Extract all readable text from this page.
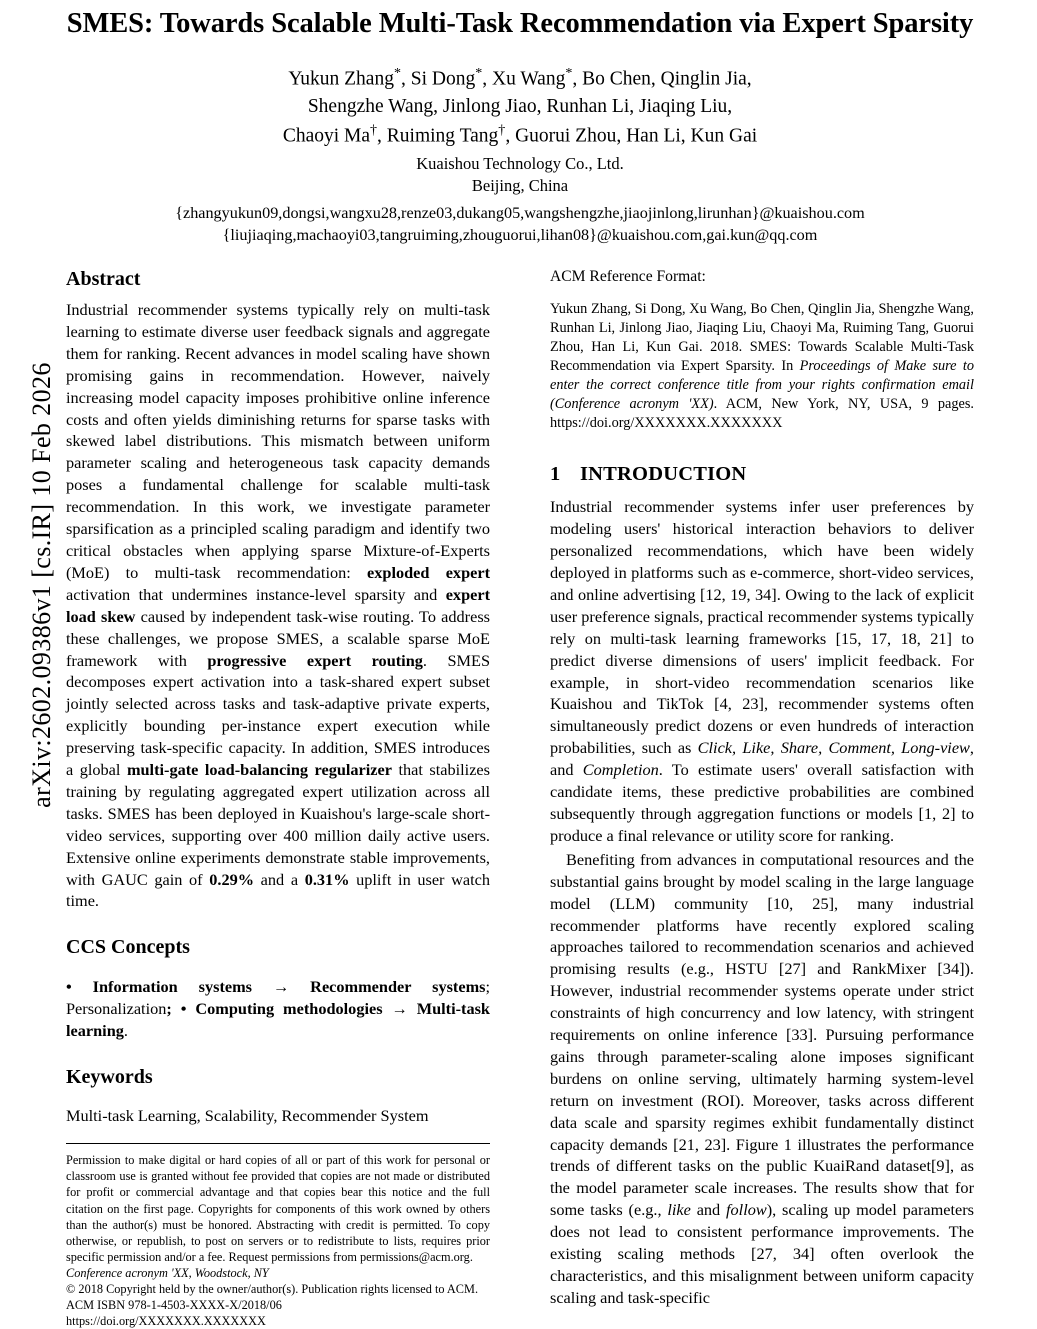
arXiv:2602.09386v1 [cs.IR] 10 Feb 2026
SMES: Towards Scalable Multi-Task Recommendation via Expert Sparsity
Yukun Zhang*, Si Dong*, Xu Wang*, Bo Chen, Qinglin Jia,
Shengzhe Wang, Jinlong Jiao, Runhan Li, Jiaqing Liu,
Chaoyi Ma†, Ruiming Tang†, Guorui Zhou, Han Li, Kun Gai
Kuaishou Technology Co., Ltd.
Beijing, China
{zhangyukun09,dongsi,wangxu28,renze03,dukang05,wangshengzhe,jiaojinlong,lirunhan}@kuaishou.com
{liujiaqing,machaoyi03,tangruiming,zhouguorui,lihan08}@kuaishou.com,gai.kun@qq.com
Abstract

Industrial recommender systems typically rely on multi-task learning to estimate diverse user feedback signals and aggregate them for ranking. Recent advances in model scaling have shown promising gains in recommendation. However, naively increasing model capacity imposes prohibitive online inference costs and often yields diminishing returns for sparse tasks with skewed label distributions. This mismatch between uniform parameter scaling and heterogeneous task capacity demands poses a fundamental challenge for scalable multi-task recommendation. In this work, we investigate parameter sparsification as a principled scaling paradigm and identify two critical obstacles when applying sparse Mixture-of-Experts (MoE) to multi-task recommendation: exploded expert activation that undermines instance-level sparsity and expert load skew caused by independent task-wise routing. To address these challenges, we propose SMES, a scalable sparse MoE framework with progressive expert routing. SMES decomposes expert activation into a task-shared expert subset jointly selected across tasks and task-adaptive private experts, explicitly bounding per-instance expert execution while preserving task-specific capacity. In addition, SMES introduces a global multi-gate load-balancing regularizer that stabilizes training by regulating aggregated expert utilization across all tasks. SMES has been deployed in Kuaishou's large-scale short-video services, supporting over 400 million daily active users. Extensive online experiments demonstrate stable improvements, with GAUC gain of 0.29% and a 0.31% uplift in user watch time.

CCS Concepts

• Information systems → Recommender systems; Personalization; • Computing methodologies → Multi-task learning.

Keywords

Multi-task Learning, Scalability, Recommender System

Permission to make digital or hard copies of all or part of this work for personal or classroom use is granted without fee provided that copies are not made or distributed for profit or commercial advantage and that copies bear this notice and the full citation on the first page. Copyrights for components of this work owned by others than the author(s) must be honored. Abstracting with credit is permitted. To copy otherwise, or republish, to post on servers or to redistribute to lists, requires prior specific permission and/or a fee. Request permissions from permissions@acm.org.

Conference acronym 'XX, Woodstock, NY

© 2018 Copyright held by the owner/author(s). Publication rights licensed to ACM.

ACM ISBN 978-1-4503-XXXX-X/2018/06

https://doi.org/XXXXXXX.XXXXXXX

ACM Reference Format:

Yukun Zhang, Si Dong, Xu Wang, Bo Chen, Qinglin Jia, Shengzhe Wang, Runhan Li, Jinlong Jiao, Jiaqing Liu, Chaoyi Ma, Ruiming Tang, Guorui Zhou, Han Li, Kun Gai. 2018. SMES: Towards Scalable Multi-Task Recommendation via Expert Sparsity. In Proceedings of Make sure to enter the correct conference title from your rights confirmation email (Conference acronym 'XX). ACM, New York, NY, USA, 9 pages. https://doi.org/XXXXXXX.XXXXXXX

1 INTRODUCTION

Industrial recommender systems infer user preferences by modeling users' historical interaction behaviors to deliver personalized recommendations, which have been widely deployed in platforms such as e-commerce, short-video services, and online advertising [12, 19, 34]. Owing to the lack of explicit user preference signals, practical recommender systems typically rely on multi-task learning frameworks [15, 17, 18, 21] to predict diverse dimensions of users' implicit feedback. For example, in short-video recommendation scenarios like Kuaishou and TikTok [4, 23], recommender systems often simultaneously predict dozens or even hundreds of interaction probabilities, such as Click, Like, Share, Comment, Long-view, and Completion. To estimate users' overall satisfaction with candidate items, these predictive probabilities are combined subsequently through aggregation functions or models [1, 2] to produce a final relevance or utility score for ranking.

Benefiting from advances in computational resources and the substantial gains brought by model scaling in the large language model (LLM) community [10, 25], many industrial recommender platforms have recently explored scaling approaches tailored to recommendation scenarios and achieved promising results (e.g., HSTU [27] and RankMixer [34]). However, industrial recommender systems operate under strict constraints of high concurrency and low latency, with stringent requirements on online inference [33]. Pursuing performance gains through parameter-scaling alone imposes significant burdens on online serving, ultimately harming system-level return on investment (ROI). Moreover, tasks across different data scale and sparsity regimes exhibit fundamentally distinct capacity demands [21, 23]. Figure 1 illustrates the performance trends of different tasks on the public KuaiRand dataset[9], as the model parameter scale increases. The results show that for some tasks (e.g., like and follow), scaling up model parameters does not lead to consistent performance improvements. The existing scaling methods [27, 34] often overlook the characteristics, and this misalignment between uniform capacity scaling and task-specific
